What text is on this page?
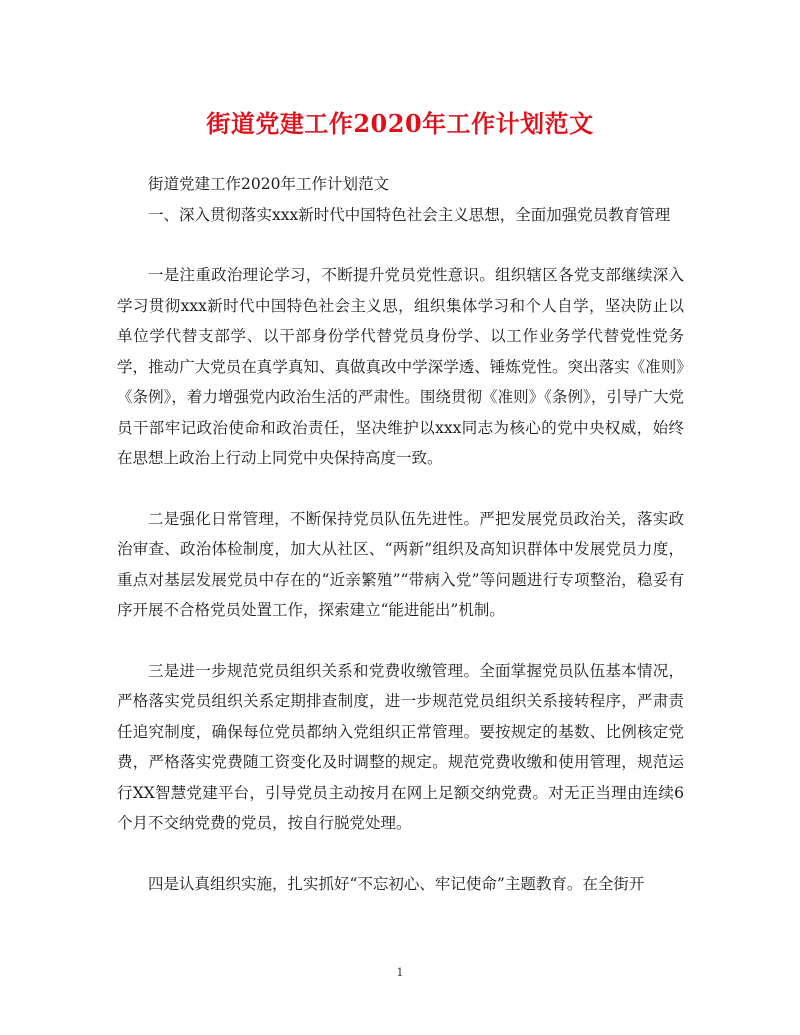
街道党建工作2020年工作计划范文

街道党建工作2020年工作计划范文

一、深入贯彻落实xxx新时代中国特色社会主义思想，全面加强党员教育管理

一是注重政治理论学习，不断提升党员党性意识。组织辖区各党支部继续深入学习贯彻xxx新时代中国特色社会主义思，组织集体学习和个人自学，坚决防止以单位学代替支部学、以干部身份学代替党员身份学、以工作业务学代替党性党务学，推动广大党员在真学真知、真做真改中学深学透、锤炼党性。突出落实《准则》《条例》，着力增强党内政治生活的严肃性。围绕贯彻《准则》《条例》，引导广大党员干部牢记政治使命和政治责任，坚决维护以xxx同志为核心的党中央权威，始终在思想上政治上行动上同党中央保持高度一致。

二是强化日常管理，不断保持党员队伍先进性。严把发展党员政治关，落实政治审查、政治体检制度，加大从社区、“两新”组织及高知识群体中发展党员力度，重点对基层发展党员中存在的“近亲繁殖”“带病入党”等问题进行专项整治，稳妥有序开展不合格党员处置工作，探索建立“能进能出”机制。

三是进一步规范党员组织关系和党费收缴管理。全面掌握党员队伍基本情况，严格落实党员组织关系定期排查制度，进一步规范党员组织关系接转程序，严肃责任追究制度，确保每位党员都纳入党组织正常管理。要按规定的基数、比例核定党费，严格落实党费随工资变化及时调整的规定。规范党费收缴和使用管理，规范运行XX智慧党建平台，引导党员主动按月在网上足额交纳党费。对无正当理由连续6个月不交纳党费的党员，按自行脱党处理。

四是认真组织实施，扎实抓好“不忘初心、牢记使命”主题教育。在全街开

1
